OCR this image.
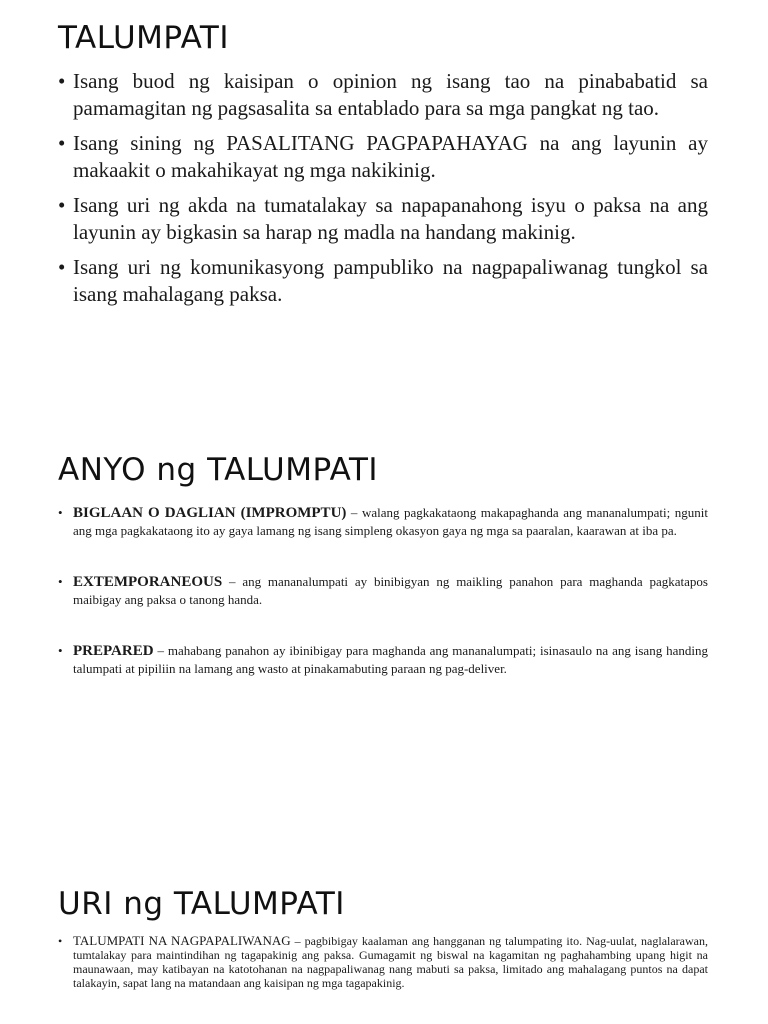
TALUMPATI
• Isang buod ng kaisipan o opinion ng isang tao na pinababatid sa pamamagitan ng pagsasalita sa entablado para sa mga pangkat ng tao.
• Isang sining ng PASALITANG PAGPAPAHAYAG na ang layunin ay makaakit o makahikayat ng mga nakikinig.
• Isang uri ng akda na tumatalakay sa napapanahong isyu o paksa na ang layunin ay bigkasin sa harap ng madla na handang makinig.
• Isang uri ng komunikasyong pampubliko na nagpapaliwanag tungkol sa isang mahalagang paksa.
ANYO ng TALUMPATI
• BIGLAAN O DAGLIAN (IMPROMPTU) – walang pagkakataong makapaghanda ang mananalumpati; ngunit ang mga pagkakataong ito ay gaya lamang ng isang simpleng okasyon gaya ng mga sa paaralan, kaarawan at iba pa.
• EXTEMPORANEOUS – ang mananalumpati ay binibigyan ng maikling panahon para maghanda pagkatapos maibigay ang paksa o tanong handa.
• PREPARED – mahabang panahon ay ibinibigay para maghanda ang mananalumpati; isinasaulo na ang isang handing talumpati at pipiliin na lamang ang wasto at pinakamabuting paraan ng pag-deliver.
URI ng TALUMPATI
• TALUMPATI NA NAGPAPALIWANAG – pagbibigay kaalaman ang hangganan ng talumpating ito. Nag-uulat, naglalarawan, tumtalakay para maintindihan ng tagapakinig ang paksa. Gumagamit ng biswal na kagamitan ng paghahambing upang higit na maunawaan, may katibayan na katotohanan na nagpapaliwanag nang mabuti sa paksa, limitado ang mahalagang puntos na dapat talakayin, sapat lang na matandaan ang kaisipan ng mga tagapakinig.
